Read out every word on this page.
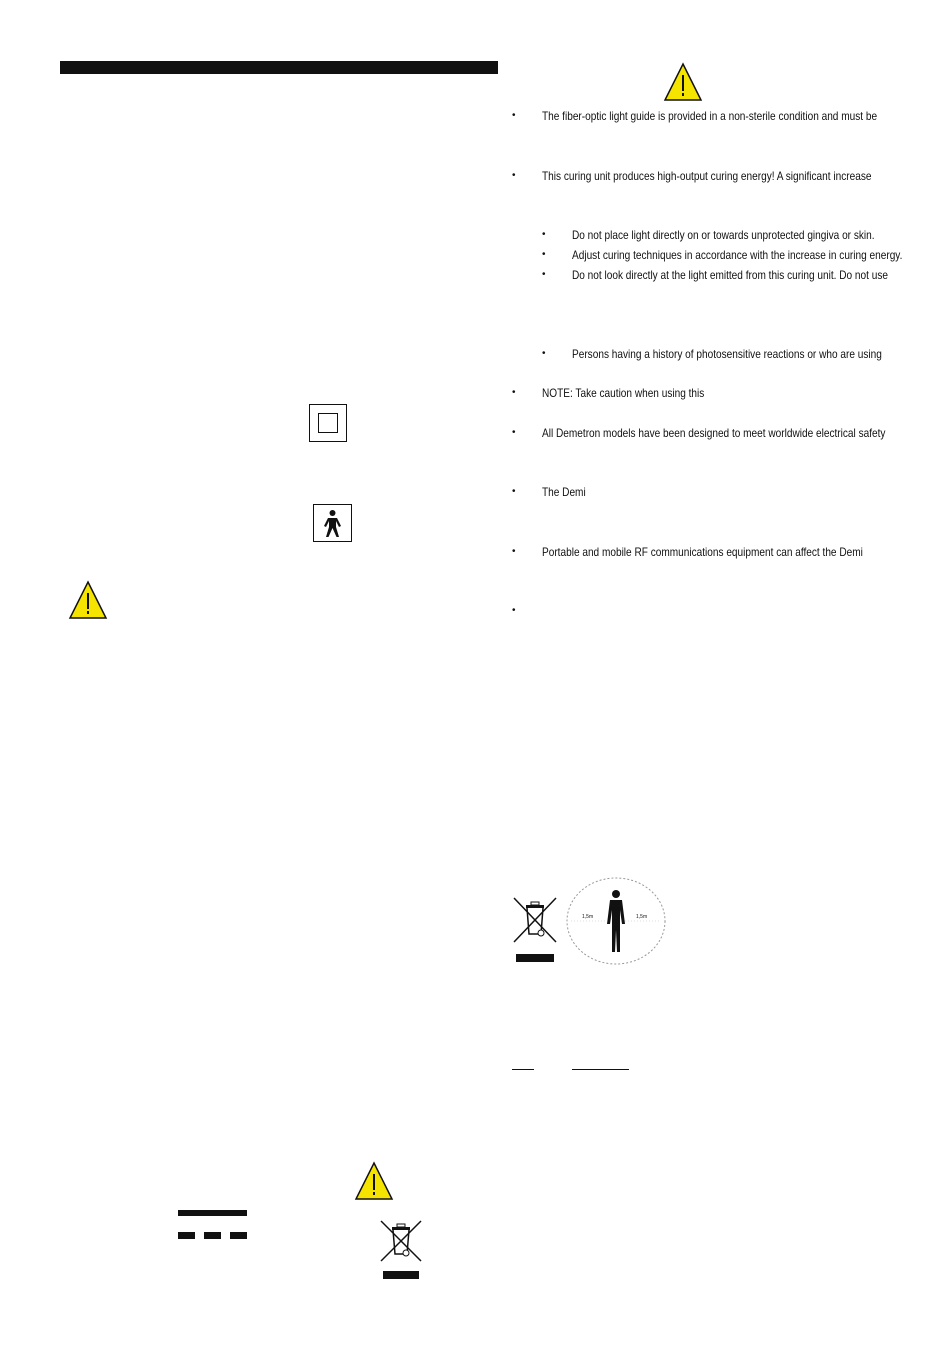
• The fiber-optic light guide is provided in a non-sterile condition and must be
• This curing unit produces high-output curing energy! A significant increase
• Do not place light directly on or towards unprotected gingiva or skin.
• Adjust curing techniques in accordance with the increase in curing energy.
• Do not look directly at the light emitted from this curing unit. Do not use
• Persons having a history of photosensitive reactions or who are using
• NOTE: Take caution when using this
• All Demetron models have been designed to meet worldwide electrical safety
• The Demi
• Portable and mobile RF communications equipment can affect the Demi
•
1,5m	1,5m
